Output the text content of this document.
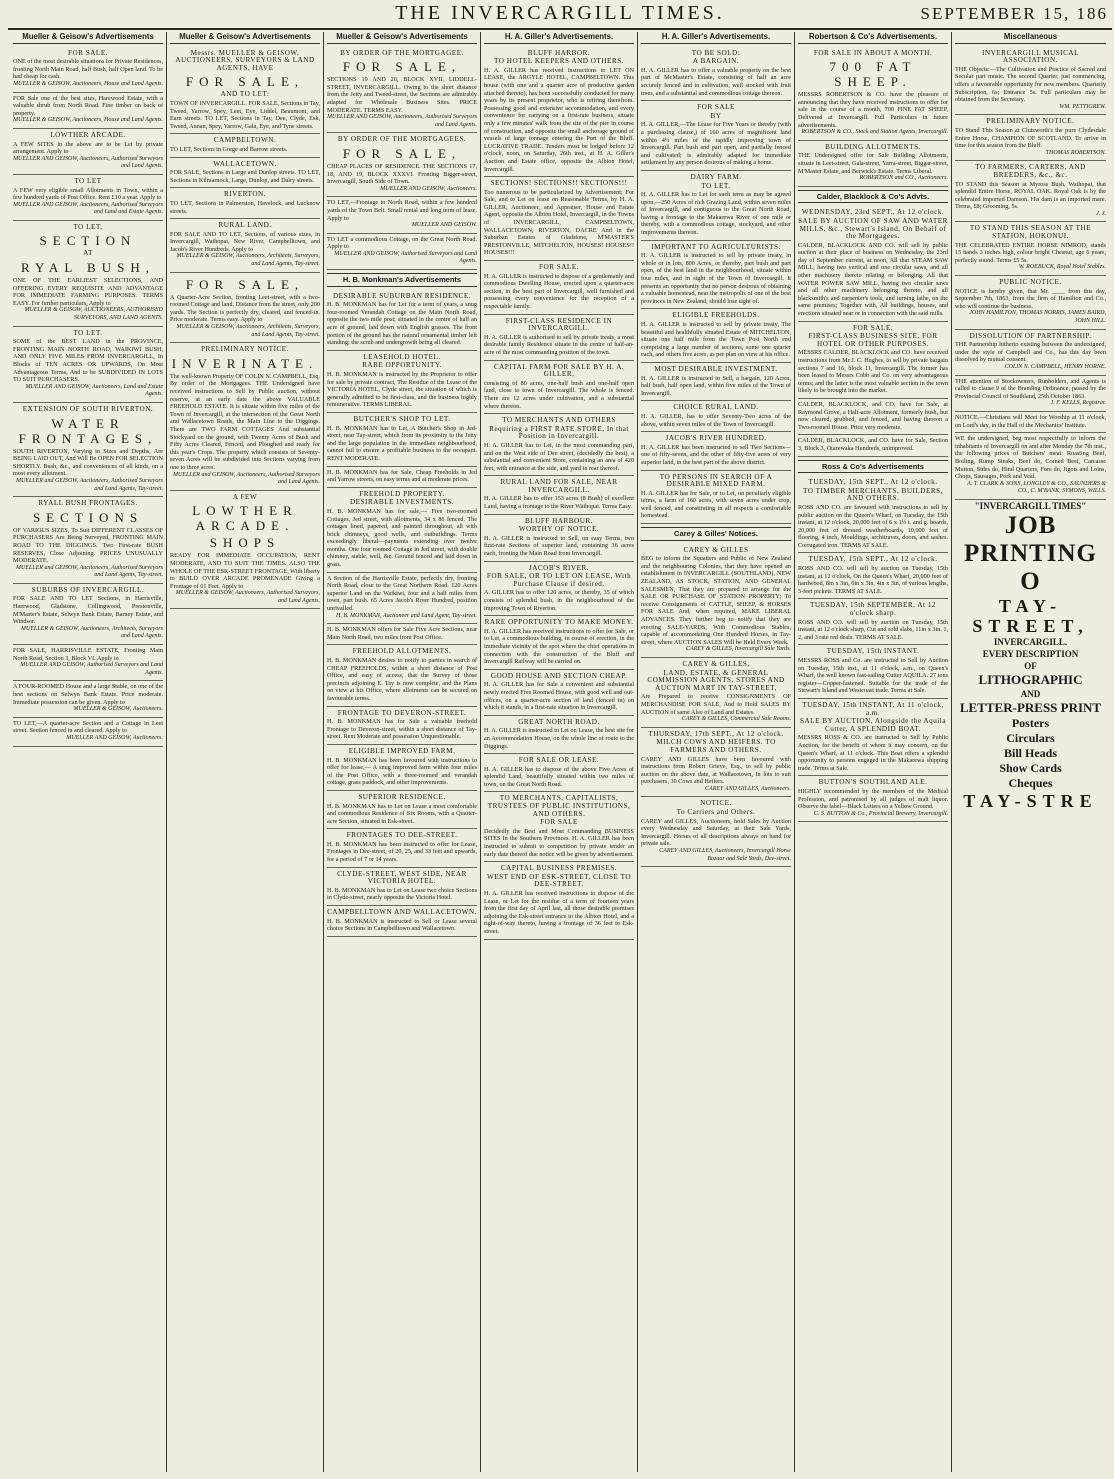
THE INVERCARGILL TIMES.	SEPTEMBER 15, 186
Mueller & Geisow's Advertisements
FOR SALE.
ONE of the most desirable situations for Private Residences, fronting North Main Road, half Bush, half Open land. To be had cheap for cash.
MUELLER & GEISOW, Auctioneers, House and Land Agents.
FOR Sale one of the best sites, Harewood Estate, with a valuable shrub from North Road. Fine timber on back of property.
MUELLER & GEISOW, Auctioneers, House and Land Agents.
LOWTHER ARCADE.
A FEW SITES in the above are to be Let by private arrangement. Apply to
MUELLER AND GEISOW, Auctioneers, Authorised Surveyors and Land Agents.
TO LET
A FEW very eligible small Allotments in Town, within a few hundred yards of Post Office. Rent £10 a year. Apply to
MUELLER AND GEISOW, Auctioneers, Authorised Surveyors and Land and Estate Agents.
TO LET,
SECTION
AT
RYAL BUSH,
ONE OF THE EARLIEST SELECTIONS, AND OFFERING EVERY REQUISITE AND ADVANTAGE FOR IMMEDIATE FARMING PURPOSES. TERMS EASY. For further particulars, Apply to
MUELLER & GEISOW, AUCTIONEERS, AUTHORISED SURVEYORS, AND LAND AGENTS.
TO LET.
SOME of the BEST LAND in the PROVINCE, FRONTING MAIN NORTH ROAD, WAIKIWI BUSH, AND ONLY FIVE MILES FROM INVERCARGILL, In Blocks of TEN ACRES OR UPWARDS, On Most Advantageous Terms, And to be SUBDIVIDED IN LOTS TO SUIT PURCHASERS.
MUELLER AND GEISOW, Auctioneers, Land and Estate Agents.
EXTENSION OF SOUTH RIVERTON.
WATER FRONTAGES,
SOUTH RIVERTON, Varying in Sizes and Depths, Are BEING LAID OUT, And Will Be OPEN FOR SELECTION SHORTLY. Bush, &c., and conveniences of all kinds, on a most every allotment.
MUELLER and GEISOW, Auctioneers, Authorised Surveyors and Land Agents, Tay-street.
RYALL BUSH FRONTAGES.
SECTIONS
OF VARIOUS SIZES, To Suit DIFFERENT CLASSES OF PURCHASERS Are Being Surveyed, FRONTING MAIN ROAD TO THE DIGGINGS. Two First-rate BUSH RESERVES, Close Adjoining. PRICES UNUSUALLY MODERATE.
MUELLER and GEISOW, Auctioneers, Authorised Surveyors and Land Agents, Tay-street.
SUBURBS OF INVERCARGILL.
FOR SALE AND TO LET Sections, in Harrisville, Harewood, Gladstone, Collingwood, Prestonville, M'Master's Estate, Selwyn Bank Estate, Barney Estate, and Windsor.
MUELLER & GEISOW, Auctioneers, Architects, Surveyors and Land Agents.
FOR SALE, HARRISVILLE ESTATE, Fronting Main North Road, Section 3, Block VI. Apply to
MUELLER AND GEISOW, Authorised Surveyors and Land Agents.
A FOUR-ROOMED House and a large Stable, on one of the best sections on Selwyn Bank Estate. Price moderate. Immediate possession can be given. Apply to
MUELLER & GEISOW, Auctioneers.
TO LET,—A quarter-acre Section and a Cottage in Leet street. Section fenced in and cleared. Apply to
MUELLER AND GEISOW, Auctioneers.
Mueller & Geisow's Advertisements
Messrs. MUELLER & GEISOW, AUCTIONEERS, SURVEYORS & LAND AGENTS, HAVE
FOR SALE,
AND TO LET:
TOWN OF INVERCARGILL. FOR SALE, Sections in Tay, Tweed, Yarrow, Spey, Leet, Eye, Liddel, Beaumont, and Earn streets. TO LET, Sections in Tay, Dee, Clyde, Esk, Tweed, Annan, Spey, Yarrow, Gala, Eye, and Tyne streets.
CAMPBELTOWN.
TO LET, Sections in Gorge and Barrow streets.
WALLACETOWN.
FOR SALE, Sections in Large and Dunlop streets. TO LET, Sections in Kilmarnock, Large, Dunlop, and Dalry streets.
RIVERTON.
TO LET, Sections in Palmerston, Havelock, and Lucknow streets.
RURAL LAND.
FOR SALE AND TO LET, Sections, of various sizes, in Invercargill, Waihopai, New River, Campbelltown, and Jacob's River Hundreds. Apply to
MUELLER & GEISOW, Auctioneers, Architects, Surveyors, and Land Agents, Tay-street.
FOR SALE,
A Quarter-Acre Section, fronting Leet-street, with a two-roomed Cottage and land. Distance from the street, only 200 yards. The Section is perfectly dry, cleared, and fenced-in. Price moderate. Terms easy. Apply to
MUELLER & GEISOW, Auctioneers, Architects, Surveyors, and Land Agents, Tay-street.
PRELIMINARY NOTICE.
INVERINATE.
The well-known Property OF COLIN N. CAMPBELL, Esq. By order of the Mortgagees. THE Undersigned have received instructions to Sell by Public auction, without reserve, at an early date the above VALUABLE FREEHOLD ESTATE. It is situate within five miles of the Town of Invercargill, at the intersection of the Great North and Wallacetown Roads, the Main Line to the Diggings. There are TWO FARM COTTAGES And substantial Stockyard on the ground, with Twenty Acres of Bush and Fifty Acres Cleared, Fenced, and Ploughed and ready for this year's Crops. The property which consists of Seventy-seven Acres will be subdivided into Sections varying from one to three acres.
MUELLER and GEISOW, Auctioneers, Authorised Surveyors and Land Agents.
A FEW
LOWTHER ARCADE.
SHOPS
READY FOR IMMEDIATE OCCUPATION, RENT MODERATE, AND TO SUIT THE TIMES. ALSO THE WHOLE OF THE ESK-STREET FRONTAGE, With liberty to BUILD OVER ARCADE PROMENADE Giving a Frontage of 61 Feet. Apply to
MUELLER & GEISOW, Auctioneers, Authorised Surveyors, and Land Agents.
Mueller & Geisow's Advertisements
BY ORDER OF THE MORTGAGEE.
FOR SALE,
SECTIONS 19 AND 20, BLOCK XVII, LIDDELL-STREET, INVERCARGILL. Owing to the short distance from the Jetty and Tweed-street, the Sections are admirably adapted for Wholesale Business Sites. PRICE MODERATE. TERMS EASY.
MUELLER AND GEISOW, Auctioneers, Authorised Surveyors and Land Agents.
BY ORDER OF THE MORTGAGEES.
FOR SALE,
CHEAP PLACES OF RESIDENCE. THE SECTIONS 17, 18, AND 19, BLOCK XXXVI. Fronting Bigger-street, Invercargill, South Side of Town.
MUELLER AND GEISOW, Auctioneers.
TO LET,—Frontage to North Road, within a few hundred yards of the Town Belt. Small rental and long term of lease. Apply to
MUELLER AND GEISOW.
TO LET a commodious Cottage, on the Great North Road. Apply to
MUELLER AND GEISOW, Authorised Surveyors and Land Agents.
H. B. Monkman's Advertisements
DESIRABLE SUBURBAN RESIDENCE.
H. B. MONKMAN has for Let for a term of years, a snug four-roomed Verandah Cottage on the Main North Road, opposite the two mile post; situated in the centre of half an acre of ground, laid down with English grasses. The front portion of the ground has the natural ornamental timber left standing; the scrub and undergrowth being all cleared.
LEASEHOLD HOTEL.
RARE OPPORTUNITY.
H. B. MONKMAN is instructed by the Proprietor to offer for sale by private contract, The Residue of the Lease of the VICTORIA HOTEL, Clyde street, the situation of which is generally admitted to be first-class, and the business highly remunerative. TERMS LIBERAL.
BUTCHER'S SHOP TO LET.
H. B. MONKMAN has to Let, A Butcher's Shop in Jed-street, near Tay-street, which from its proximity to the Jetty and the large population in the immediate neighbourhood, cannot fail to ensure a profitable business to the occupant. RENT MODERATE.
H. B. MONKMAN has for Sale, Cheap Freeholds in Jed and Yarrow streets, on easy terms and at moderate prices.
FREEHOLD PROPERTY.
DESIRABLE INVESTMENTS.
H. B. MONKMAN has for sale,— Five two-roomed Cottages, Jed street, with allotments, 34 x 86 fenced. The cottages lined, papered, and painted throughout, all with brick chimneys, good wells, and outbuildings. Terms exceedingly liberal—payments extending over twelve months. One four roomed Cottage in Jed street, with double chimney, stable, well, &c. Ground fenced and laid down in grass.
A Section of the Harrisville Estate, perfectly dry, fronting North Road, close to the Great Northern Road. 120 Acres superior Land on the Waikiwi, four and a half miles from town, part bush. 65 Acres Jacob's River Hundred, position unrivalled.
H. B. MONKMAN, Auctioneer and Land Agent, Tay-street.
H. B. MONKMAN offers for Sale Five Acre Sections, near Main North Road, two miles from Post Office.
FREEHOLD ALLOTMENTS.
H. B. MONKMAN desires to notify to parties in search of CHEAP FREEHOLDS, within a short distance of Post Office, and easy of access, that the Survey of those precincts adjoining E. Tay is now complete, and the Plans on view at his Office, where allotments can be secured on favourable terms.
FRONTAGE TO DEVERON-STREET.
H. B. MONKMAN has for Sale a valuable freehold Frontage to Deveron-street, within a short distance of Tay-street. Rent Moderate and possession Unquestionable.
ELIGIBLE IMPROVED FARM.
H. B. MONKMAN has been favoured with instructions to offer for lease,— A snug improved farm within four miles of the Post Office, with a three-roomed and verandah cottage, grass paddock, and other improvements.
SUPERIOR RESIDENCE.
H. B. MONKMAN has to Let on Lease a most comfortable and commodious Residence of Six Rooms, with a Quarter-acre Section, situated in Esk-street.
FRONTAGES TO DEE-STREET.
H. B. MONKMAN has been instructed to offer for Lease, Frontages in Dee-street, of 20, 25, and 33 feet and upwards, for a period of 7 or 14 years.
CLYDE-STREET, WEST SIDE, NEAR VICTORIA HOTEL.
H. B. MONKMAN has to Let on Lease two choice Sections in Clyde-street, nearly opposite the Victoria Hotel.
CAMPBELLTOWN AND WALLACETOWN.
H. B. MONKMAN is instructed to Sell or Lease several choice Sections in Campbelltown and Wallacetown.
H. A. Giller's Advertisements.
BLUFF HARBOR.
TO HOTEL KEEPERS AND OTHERS.
H. A. GILLER has received instructions to LET ON LEASE, the ARGYLE HOTEL, CAMPBELTOWN. This house (with one and a quarter acre of productive garden attached thereto), has been successfully conducted for many years by its present proprietor, who is retiring therefrom. Possessing good and extensive accommodation, and every convenience for carrying on a first-rate business, situate only a few minutes' walk from the site of the pier in course of construction, and opposite the small anchorage ground of vessels of large tonnage entering the Port of the Bluff. LUCRATIVE TRADE. Tenders must be lodged before 12 o'clock, noon, on Saturday, 26th inst., at H. A. Giller's Auction and Estate office, opposite the Albion Hotel, Invercargill.
SECTIONS! SECTIONS!! SECTIONS!!!
Too numerous to be particularized by Advertisement; For Sale, and to Let on lease on Reasonable Terms, by H. A. GILLER, Auctioneer, and Appraiser, House and Estate Agent, opposite the Albion Hotel, Invercargill, in the Towns of INVERCARGILL, CAMPBELTOWN, WALLACETOWN, RIVERTON, DACRE And in the Suburban Estates of Gladstone, M'MASTER'S PRESTONVILLE, MITCHELTON, HOUSES! HOUSES!! HOUSES!!!
FOR SALE.
H. A. GILLER is instructed to dispose of a gentlemanly and commodious Dwelling House, erected upon a quarter-acre section, in the best part of Invercargill, well furnished and possessing every convenience for the reception of a respectable family.
FIRST-CLASS RESIDENCE IN INVERCARGILL.
H. A. GILLER is authorised to sell by private treaty, a most desirable family Residence situate in the centre of half-an-acre of the most commanding position of the town.
CAPITAL FARM FOR SALE BY H. A. GILLER,
consisting of 80 acres, one-half bush and one-half open land, close to town of Invercargill. The whole is fenced. There are 12 acres under cultivation, and a substantial where thereon.
TO MERCHANTS AND OTHERS
Requiring a FIRST RATE STORE, In that Position in Invercargill.
H. A. GILLER has to Let, in the most commanding part, and on the West side of Dee street, (decidedly the best), a substantial and convenient Store, containing an area of 420 feet, with entrance at the side, and yard in rear thereof.
RURAL LAND FOR SALE, NEAR INVERCARGILL.
H. A. GILLER has to offer 153 acres (8 Bush) of excellent Land, having a frontage to the River Waihopai. Terms Easy.
BLUFF HARBOUR.
WORTHY OF NOTICE.
H. A. GILLER is instructed to Sell, on easy Terms, two first-rate Sections of superior land, containing 36 acres each, fronting the Main Road from Invercargill.
JACOB'S RIVER.
FOR SALE, OR TO LET ON LEASE, With Purchase Clause if desired.
A. GILLER has to offer 120 acres, or thereby, 35 of which consists of splendid bush, in the neighbourhood of the improving Town of Riverton.
RARE OPPORTUNITY TO MAKE MONEY.
H. A. GILLER has received instructions to offer for Sale, or to Let, a commodious building, in course of erection, in the immediate vicinity of the spot where the chief operations in connection with the construction of the Bluff and Invercargill Railway will be carried on.
GOOD HOUSE AND SECTION CHEAP.
H. A. GILLER has for Sale a convenient and substantial newly erected Five Roomed House, with good well and out-offices, on a quarter-acre section of land (fenced in) on which it stands, in a first-rate situation in Invercargill.
GREAT NORTH ROAD.
H. A. GILLER is instructed to Let on Lease, the best site for an Accommodation House, on the whole line of route to the Diggings.
FOR SALE OR LEASE.
H. A. GILLER has to dispose of the above Five Acres of splendid Land, beautifully situated within two miles of town, on the Great North Road.
TO MERCHANTS, CAPITALISTS, TRUSTEES OF PUBLIC INSTITUTIONS, AND OTHERS.
FOR SALE
Decidedly the Best and Most Commanding BUSINESS SITES In the Southern Provinces. H. A. GILLER has been instructed to submit to competition by private tender an early date thereof due notice will be given by advertisement.
CAPITAL BUSINESS PREMISES.
WEST END OF ESK-STREET, CLOSE TO DEE-STREET.
H. A. GILLER has received instructions to dispose of the Lease, or Let for the residue of a term of fourteen years from the first day of April last, all those desirable premises adjoining the Esk-street entrance to the Albion Hotel, and a right-of-way thereto, having a frontage of 36 feet to Esk-street.
H. A. Giller's Advertisements.
TO BE SOLD:
A BARGAIN.
H. A. GILLER has to offer a valuable property on the best part of McMaster's Estate, consisting of half an acre securely fenced and in cultivation, well stocked with fruit trees, and a substantial and commodious cottage thereon.
FOR SALE
BY
H. A. GILLER,—The Lease for Five Years or thereby (with a purchasing clause,) of 160 acres of magnificent land within 4½ miles of the rapidly improving town of Invercargill. Part bush and part open, and partially fenced and cultivated; is admirably adapted for immediate settlement by any person desirous of making a home.
DAIRY FARM.
TO LET.
H. A. GILLER has to Let for such term as may be agreed upon,—250 Acres of rich Grazing Land, within seven miles of Invercargill, and contiguous to the Great North Road, having a frontage to the Makarewa River of one mile or thereby, with a commodious cottage, stockyard, and other improvements thereon.
IMPORTANT TO AGRICULTURISTS.
H. A. GILLER is instructed to sell by private treaty, in whole or in lots, 800 Acres, or thereby, part bush and part open, of the best land in the neighbourhood, situate within four miles, and in sight of the Town of Invercargill. It presents an opportunity that no person desirous of obtaining a valuable homestead, near the metropolis of one of the best provinces in New Zealand, should lose sight of.
ELIGIBLE FREEHOLDS.
H. A. GILLER is instructed to sell by private treaty, The beautiful and healthfully situated Estate of MITCHELTON, situate one half mile from the Town Post North end comprising a large number of sections, some one quarter each, and others five acres, as per plan on view at his office.
MOST DESIRABLE INVESTMENT.
H. A. GILLER is instructed to Sell, a bargain, 120 Acres, half bush, half open land, within five miles of the Town of Invercargill.
CHOICE RURAL LAND.
H. A. GILLER, has to offer Seventy-Two acres of the above, within seven miles of the Town of Invercargill.
JACOB'S RIVER HUNDRED.
H. A. GILLER has been instructed to sell Two Sections—one of fifty-seven, and the other of fifty-five acres of very superior land, in the best part of the above district.
TO PERSONS IN SEARCH OF A DESIRABLE MIXED FARM.
H. A. GILLER has for Sale, or to Let, on peculiarly eligible terms, a farm of 160 acres, with seven acres under crop, well fenced, and constituting in all respects a comfortable homestead.
Carey & Gilles' Notices.
CAREY & GILLES
BEG to inform the Squatters and Public of New Zealand and the neighbouring Colonies, that they have opened an establishment in INVERCARGILL (SOUTHLAND), NEW ZEALAND, AS STOCK, STATION, AND GENERAL SALESMEN, That they are prepared to arrange for the SALE OR PURCHASE OF STATION PROPERTY; To receive Consignments of CATTLE, SHEEP, & HORSES FOR SALE And, when required, MAKE LIBERAL ADVANCES. They further beg to notify that they are erecting SALE-YARDS, With Commodious Stables, capable of accommodating One Hundred Horses, in Tay-street, where AUCTION SALES Will be Held Every Week.
CAREY & GILLES, Invercargill Sale Yards.
CAREY & GILLES,
LAND, ESTATE, & GENERAL COMMISSION AGENTS, STORES AND AUCTION MART IN TAY-STREET,
Are Prepared to receive CONSIGNMENTS OF MERCHANDISE FOR SALE, And to Hold SALES BY AUCTION of same Also of Land and Estates.
CAREY & GILLES, Commercial Sale Rooms.
THURSDAY, 17th SEPT., At 12 o'clock.
MILCH COWS AND HEIFERS. TO FARMERS AND OTHERS.
CAREY AND GILLES have been favoured with instructions from Robert Grieve, Esq., to sell by public auction on the above date, at Wallacetown, In lots to suit purchasers, 30 Cows and Heifers.
CAREY AND GILLES, Auctioneers.
NOTICE.
To Carriers and Others.
CAREY and GILLES, Auctioneers, hold Sales by Auction every Wednesday and Saturday, at their Sale Yards, Invercargill. Horses of all descriptions always on hand for private sale.
CAREY AND GILLES, Auctioneers, Invercargill Horse Bazaar and Sale Yards, Dee-street.
Robertson & Co's Advertisements.
FOR SALE IN ABOUT A MONTH.
700 FAT SHEEP.
MESSRS ROBERTSON & CO. have the pleasure of announcing that they have received instructions to offer for sale in the course of a month, 700 FINE FAT SHEEP, Delivered at Invercargill. Full Particulars in future advertisements.
ROBERTSON & CO., Stock and Station Agents, Invercargill.
BUILDING ALLOTMENTS.
THE Undersigned offer for Sale Building Allotments, situate in Leet-street, Gala-street, Yarra-street, Biggar-street, M'Master Estate, and Berwick's Estate. Terms Liberal.
ROBERTSON and CO., Auctioneers.
Calder, Blacklock & Co's Advts.
WEDNESDAY, 23rd SEPT., At 12 o'clock.
SALE BY AUCTION OF SAW AND WATER MILLS, &c., Stewart's Island, On Behalf of the Mortgagees.
CALDER, BLACKLOCK AND CO. will sell by public auction at their place of business on Wednesday, the 23rd day of September current, at noon, All that STEAM SAW MILL, having two vertical and one circular saws, and all other machinery thereto relating or belonging. All that WATER POWER SAW MILL, having two circular saws and all other machinery belonging thereto, and all blacksmith's and carpenter's tools, and turning lathe, on the same premises; Together with, All buildings, houses, and erections situated near or in connection with the said mills.
FOR SALE,
FIRST-CLASS BUSINESS SITE, FOR HOTEL OR OTHER PURPOSES.
MESSRS CALDER, BLACKLOCK and CO. have received instructions from Mr J. C. Hughes, to sell by private bargain sections 7 and 16, block 11, Invercargill. The former has been leased to Messrs Cobb and Co. on very advantageous terms; and the latter is the most valuable section in the town likely to be brought into the market.
CALDER, BLACKLOCK, and CO. have for Sale, at Raymond Grove, a Half-acre Allotment, formerly bush, but now cleared, grubbed, and fenced, and having thereon a Two-roomed House. Price very moderate.
CALDER, BLACKLOCK, and CO. have for Sale, Section 3, Block 3, Otarewaka Hundreds, unimproved.
Ross & Co's Advertisements
TUESDAY, 15th SEPT., At 12 o'clock.
TO TIMBER MERCHANTS, BUILDERS, AND OTHERS.
ROSS AND CO. are favoured with instructions to sell by public auction on the Queen's Wharf, on Tuesday, the 15th instant, at 12 o'clock, 20,000 feet of 6 x 1½ t. and g. boards, 20,000 feet of dressed weatherboards, 10,000 feet of flooring, 4 inch, Mouldings, architraves, doors, and sashes. Corrugated iron. TERMS AT SALE.
TUESDAY, 15th SEPT., At 12 o'clock.
ROSS AND CO. will sell by auction on Tuesday, 15th instant, at 12 o'clock, On the Queen's Wharf, 20,000 feet of hardwood, 8in x 3in, 6in x 3in, 4in x 3in, of various lengths, 5-feet pickets. TERMS AT SALE.
TUESDAY, 15th SEPTEMBER, At 12 o'clock sharp.
ROSS AND CO. will sell by auction on Tuesday, 15th instant, at 12 o'clock sharp, Cut and sold slabs, 11in x 3in. 1, 2, and 3 rate red deals. TERMS AT SALE.
TUESDAY, 15th INSTANT.
MESSRS ROSS and Co. are instructed to Sell by Auction on Tuesday, 15th inst., at 11 o'clock, a.m., on Queen's Wharf, the well known fast-sailing Cutter AQUILA. 27 tons register—Copper-fastened. Suitable for the trade of the Stewart's Island and Westcoast trade. Terms at Sale.
TUESDAY, 15th INSTANT, At 11 o'clock, a.m.
SALE BY AUCTION, Alongside the Aquila Cutter, A SPLENDID BOAT.
MESSRS ROSS & CO. are instructed to Sell by Public Auction, for the benefit of whom it may concern, on the Queen's Wharf, at 11 o'clock. This Boat offers a splendid opportunity to persons engaged in the Makarewa shipping trade. Terms at Sale.
BUTTON'S SOUTHLAND ALE.
HIGHLY recommended by the members of the Medical Profession, and patronised by all judges of malt liquor. Observe the label—Black Letters on a Yellow Ground.
C. S. BUTTON & Co., Provincial Brewery, Invercargill.
Miscellaneous
INVERCARGILL MUSICAL ASSOCIATION.
THE Objects:—The Cultivation and Practice of Sacred and Secular part music. The second Quarter, just commencing, offers a favourable opportunity for new members. Quarterly Subscription, 6s; Entrance 5s. Full particulars may be obtained from the Secretary.
WM. PETTIGREW.
PRELIMINARY NOTICE.
TO Stand This Season at Clutsworth's the pure Clydesdale Entire Horse, CHAMPION OF SCOTLAND. To arrive in time for this season from the Bluff.
THOMAS ROBERTSON.
TO FARMERS, CARTERS, AND BREEDERS, &c., &c.
TO STAND this Season at Myross Bush, Waihopai, that splendid Entire Horse, ROYAL OAK. Royal Oak is by the celebrated imported Damson. His dam is an imported mare. Terms, £8; Grooming, 5s.
J. J.
TO STAND THIS SEASON AT THE STATION, HOKONUI.
THE CELEBRATED ENTIRE HORSE NIMROD, stands 15 hands 3 inches high, colour bright Chesnut, age 6 years, perfectly sound. Terms £5 5s.
W. ROEBUCK, Royal Hotel Stables.
PUBLIC NOTICE.
NOTICE is hereby given, that Mr. ____ from this day, September 7th, 1863, from the firm of Hamilton and Co., who will continue the business.
JOHN HAMILTON, THOMAS NORRIS, JAMES BAIRD, JOHN HILL.
DISSOLUTION OF PARTNERSHIP.
THE Partnership hitherto existing between the undersigned, under the style of Campbell and Co., has this day been dissolved by mutual consent.
COLIN N. CAMPBELL, HENRY HORNE.
THE attention of Stockowners, Runholders, and Agents is called to clause 9 of the Branding Ordinance, passed by the Provincial Council of Southland, 25th October 1863.
J. F. KELLS, Registrar.
NOTICE.—Christians will Meet for Worship at 11 o'clock, on Lord's day, in the Hall of the Mechanics' Institute.
WE the undersigned, beg most respectfully to inform the inhabitants of Invercargill on and after Monday the 7th inst., the following prices of Butchers' meat: Roasting Beef, Boiling, Rump Steaks, Beef do, Corned Beef, Carcasse Mutton, Sides do, Hind Quarters, Fore do, Jigots and Loins, Chops, Sausages, Pork and Veal.
A. T. CLARK & SONS, LONGLEY & CO., SAUNDERS & CO., C. M'BANK, SYMONS, WILLS.
"INVERCARGILL TIMES"
JOB PRINTING O
TAY-STREET,
INVERCARGILL.
EVERY DESCRIPTION
OF
LITHOGRAPHIC
AND
LETTER-PRESS PRINT
Posters
Circulars
Bill Heads
Show Cards
Cheques
TAY-STRE
